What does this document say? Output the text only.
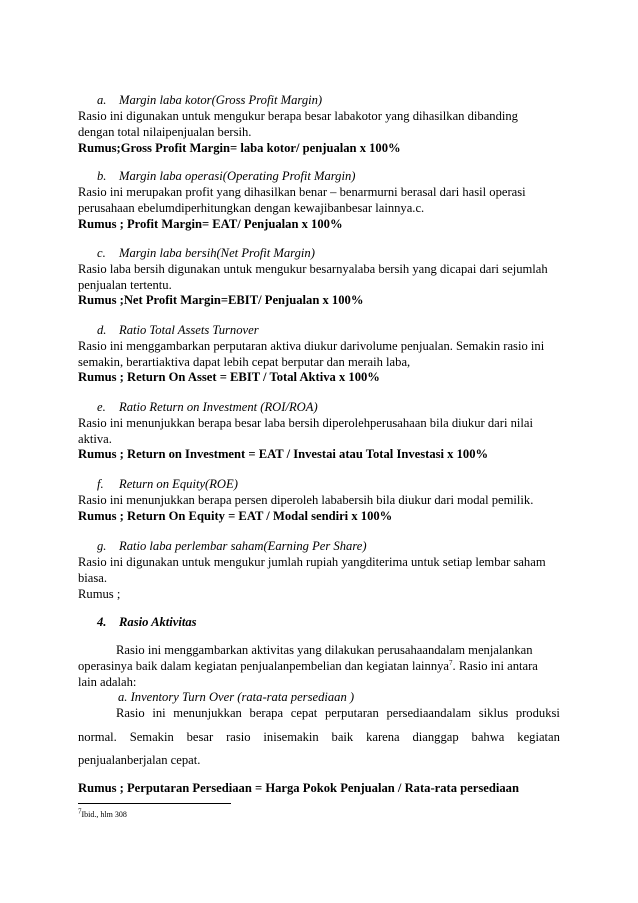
a. Margin laba kotor(Gross Profit Margin)
Rasio ini digunakan untuk mengukur berapa besar labakotor yang dihasilkan dibanding
dengan total nilaipenjualan bersih.
Rumus;Gross Profit Margin= laba kotor/ penjualan x 100%
b. Margin laba operasi(Operating Profit Margin)
Rasio ini merupakan profit yang dihasilkan benar – benarmurni berasal dari hasil operasi
perusahaan ebelumdiperhitungkan dengan kewajibanbesar lainnya.c.
Rumus ; Profit Margin= EAT/ Penjualan x 100%
c. Margin laba bersih(Net Profit Margin)
Rasio laba bersih digunakan untuk mengukur besarnyalaba bersih yang dicapai dari sejumlah
penjualan tertentu.
Rumus ;Net Profit Margin=EBIT/ Penjualan x 100%
d. Ratio Total Assets Turnover
Rasio ini menggambarkan perputaran aktiva diukur darivolume penjualan. Semakin rasio ini
semakin, berartiaktiva dapat lebih cepat berputar dan meraih laba,
Rumus ; Return On Asset = EBIT / Total Aktiva x 100%
e. Ratio Return on Investment (ROI/ROA)
Rasio ini menunjukkan berapa besar laba bersih diperolehperusahaan bila diukur dari nilai
aktiva.
Rumus ; Return on Investment = EAT / Investai atau Total Investasi x 100%
f. Return on Equity(ROE)
Rasio ini menunjukkan berapa persen diperoleh lababersih bila diukur dari modal pemilik.
Rumus ; Return On Equity = EAT / Modal sendiri x 100%
g. Ratio laba perlembar saham(Earning Per Share)
Rasio ini digunakan untuk mengukur jumlah rupiah yangditerima untuk setiap lembar saham
biasa.
Rumus ;
4. Rasio Aktivitas
Rasio ini menggambarkan aktivitas yang dilakukan perusahaandalam menjalankan
operasinya baik dalam kegiatan penjualanpembelian dan kegiatan lainnya$^7$. Rasio ini antara
lain adalah:
a. Inventory Turn Over (rata-rata persediaan )
Rasio ini menunjukkan berapa cepat perputaran persediaandalam siklus produksi
normal. Semakin besar rasio inisemakin baik karena dianggap bahwa kegiatan
penjualanberjalan cepat.
Rumus ; Perputaran Persediaan = Harga Pokok Penjualan / Rata-rata persediaan
$^7$Ibid., hlm 308
